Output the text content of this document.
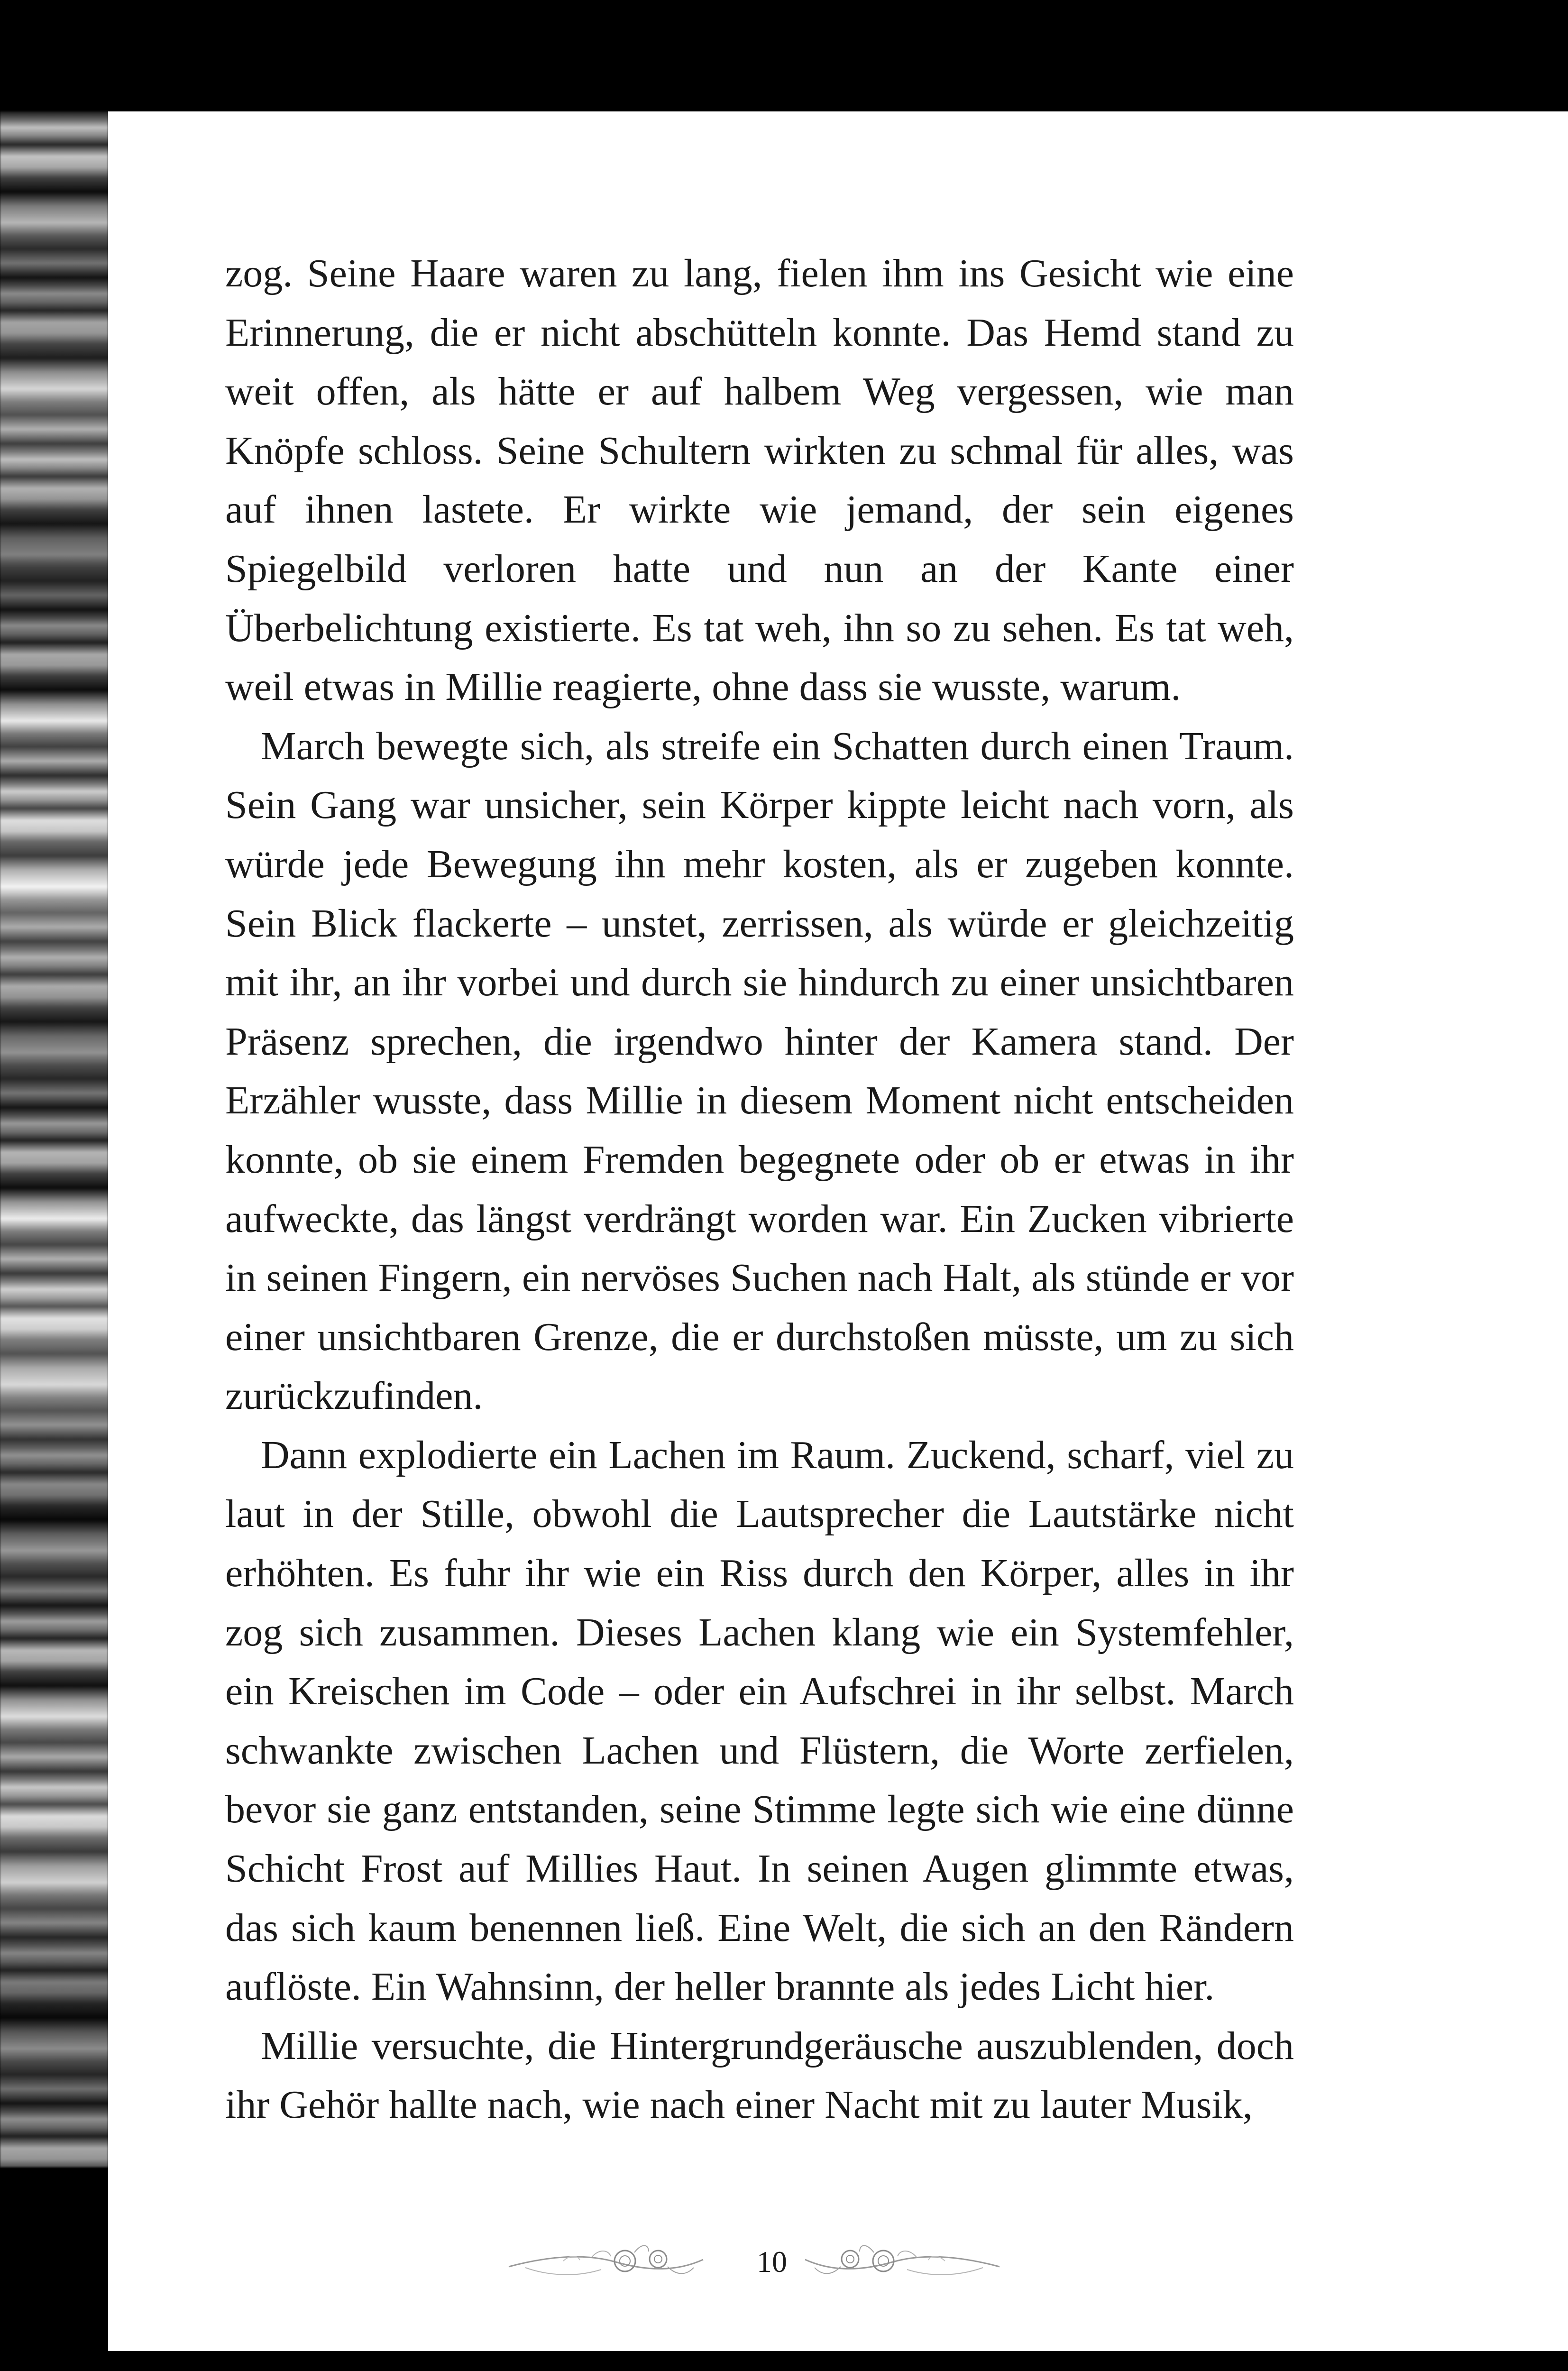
zog. Seine Haare waren zu lang, fielen ihm ins Gesicht wie eine Erinnerung, die er nicht abschütteln konnte. Das Hemd stand zu weit offen, als hätte er auf halbem Weg vergessen, wie man Knöpfe schloss. Seine Schultern wirkten zu schmal für alles, was auf ihnen lastete. Er wirkte wie jemand, der sein eigenes Spiegelbild verloren hatte und nun an der Kante einer Überbelichtung existierte. Es tat weh, ihn so zu sehen. Es tat weh, weil etwas in Millie reagierte, ohne dass sie wusste, warum.

March bewegte sich, als streife ein Schatten durch einen Traum. Sein Gang war unsicher, sein Körper kippte leicht nach vorn, als würde jede Bewegung ihn mehr kosten, als er zugeben konnte. Sein Blick flackerte – unstet, zerrissen, als würde er gleichzeitig mit ihr, an ihr vorbei und durch sie hindurch zu einer unsichtbaren Präsenz sprechen, die irgendwo hinter der Kamera stand. Der Erzähler wusste, dass Millie in diesem Moment nicht entscheiden konnte, ob sie einem Fremden begegnete oder ob er etwas in ihr aufweckte, das längst verdrängt worden war. Ein Zucken vibrierte in seinen Fingern, ein nervöses Suchen nach Halt, als stünde er vor einer unsichtbaren Grenze, die er durchstoßen müsste, um zu sich zurückzufinden.

Dann explodierte ein Lachen im Raum. Zuckend, scharf, viel zu laut in der Stille, obwohl die Lautsprecher die Lautstärke nicht erhöhten. Es fuhr ihr wie ein Riss durch den Körper, alles in ihr zog sich zusammen. Dieses Lachen klang wie ein Systemfehler, ein Kreischen im Code – oder ein Aufschrei in ihr selbst. March schwankte zwischen Lachen und Flüstern, die Worte zerfielen, bevor sie ganz entstanden, seine Stimme legte sich wie eine dünne Schicht Frost auf Millies Haut. In seinen Augen glimmte etwas, das sich kaum benennen ließ. Eine Welt, die sich an den Rändern auflöste. Ein Wahnsinn, der heller brannte als jedes Licht hier.

Millie versuchte, die Hintergrundgeräusche auszublenden, doch ihr Gehör hallte nach, wie nach einer Nacht mit zu lauter Musik,

10
